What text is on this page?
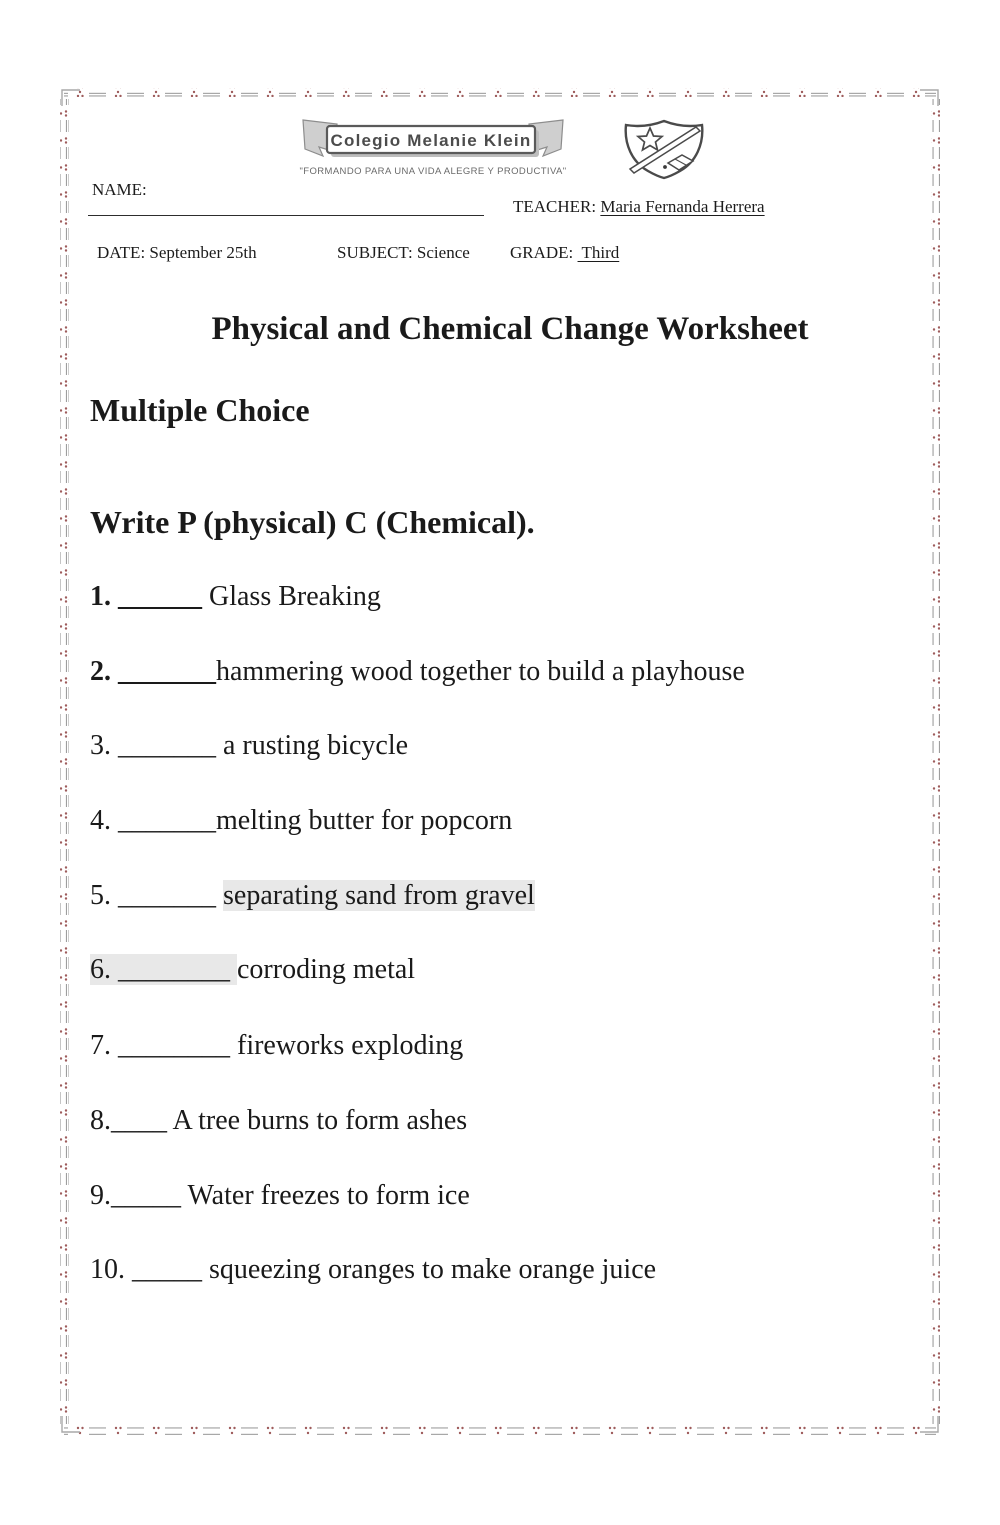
Colegio Melanie Klein
"FORMANDO PARA UNA VIDA ALEGRE Y PRODUCTIVA"
NAME:
TEACHER: Maria Fernanda Herrera
DATE: September 25th	SUBJECT: Science GRADE:  Third
Physical and Chemical Change Worksheet
Multiple Choice
Write P (physical) C (Chemical).
1. ______ Glass Breaking
2. _______hammering wood together to build a playhouse
3. _______ a rusting bicycle
4. _______melting butter for popcorn
5. _______ separating sand from gravel
6. ________ corroding metal
7. ________ fireworks exploding
8.____ A tree burns to form ashes
9._____ Water freezes to form ice
10. _____ squeezing oranges to make orange juice
